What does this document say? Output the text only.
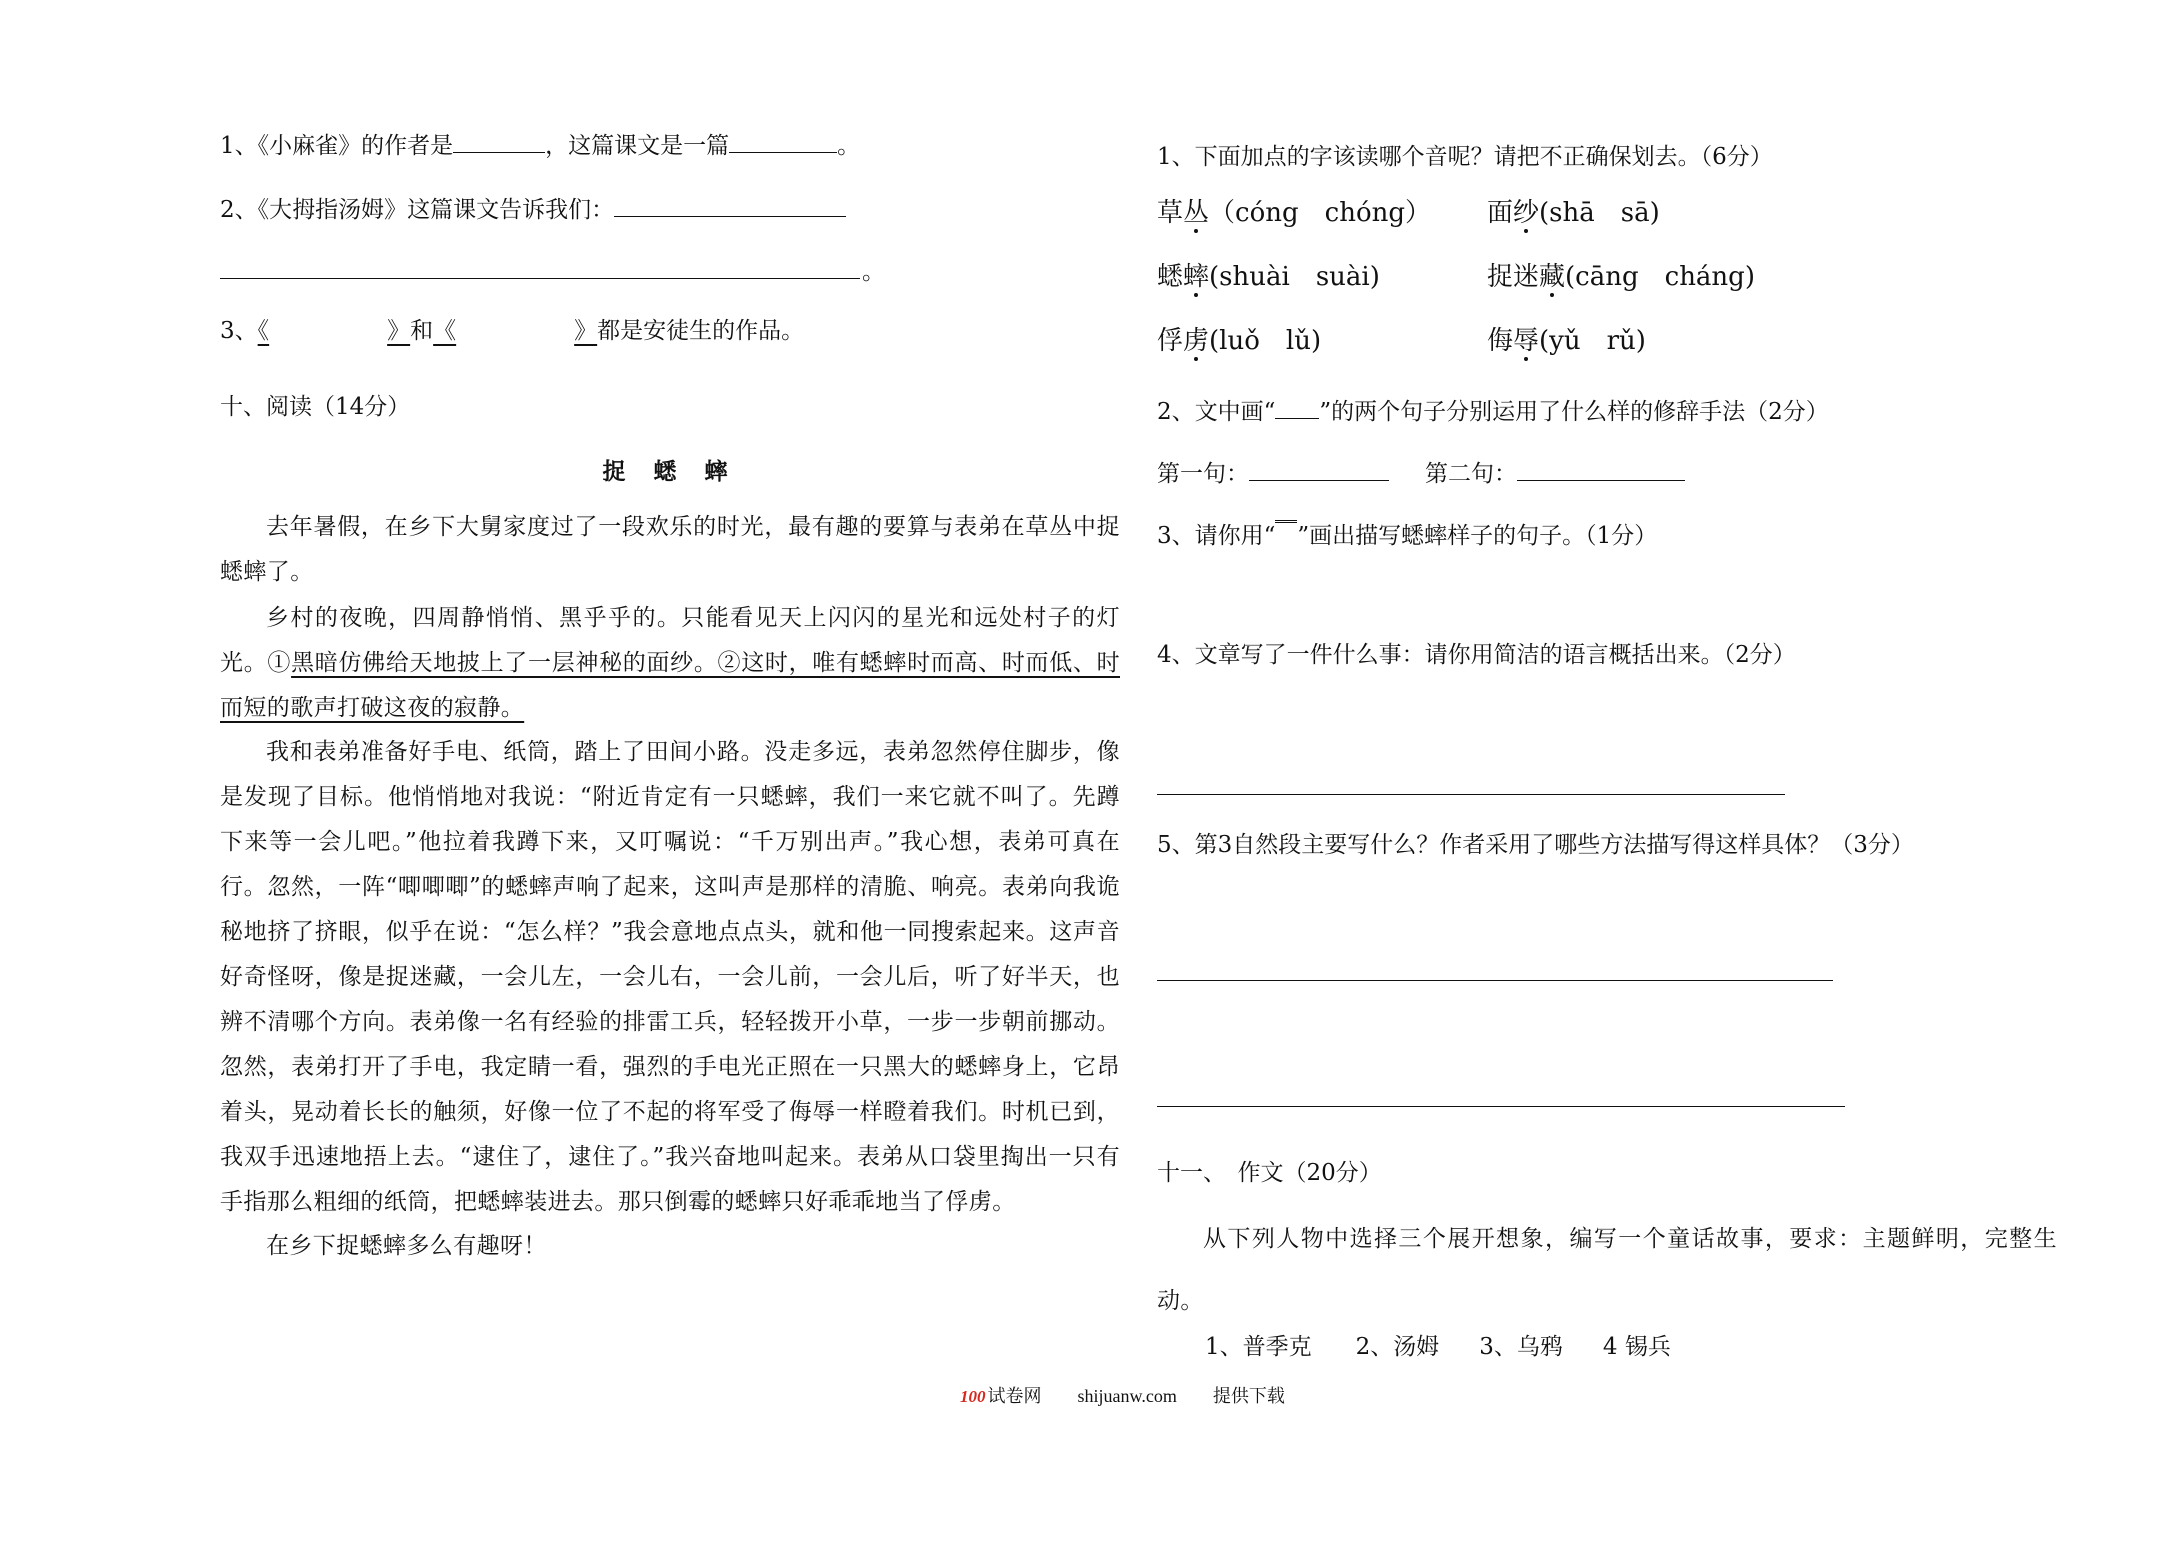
1、《小麻雀》的作者是	，这篇课文是一篇	。
2、《大拇指汤姆》这篇课文告诉我们：
。
3、《	》和《	》都是安徒生的作品。
十、阅读（14分）
捉 蟋 蟀
去年暑假，在乡下大舅家度过了一段欢乐的时光，最有趣的要算与表弟在草丛中捉蟋蟀了。
乡村的夜晚，四周静悄悄、黑乎乎的。只能看见天上闪闪的星光和远处村子的灯光。①黑暗仿佛给天地披上了一层神秘的面纱。②这时，唯有蟋蟀时而高、时而低、时而短的歌声打破这夜的寂静。
我和表弟准备好手电、纸筒，踏上了田间小路。没走多远，表弟忽然停住脚步，像是发现了目标。他悄悄地对我说：“附近肯定有一只蟋蟀，我们一来它就不叫了。先蹲下来等一会儿吧。”他拉着我蹲下来，又叮嘱说：“千万别出声。”我心想，表弟可真在行。忽然，一阵“唧唧唧”的蟋蟀声响了起来，这叫声是那样的清脆、响亮。表弟向我诡秘地挤了挤眼，似乎在说：“怎么样？”我会意地点点头，就和他一同搜索起来。这声音好奇怪呀，像是捉迷藏，一会儿左，一会儿右，一会儿前，一会儿后，听了好半天，也辨不清哪个方向。表弟像一名有经验的排雷工兵，轻轻拨开小草，一步一步朝前挪动。忽然，表弟打开了手电，我定睛一看，强烈的手电光正照在一只黑大的蟋蟀身上，它昂着头，晃动着长长的触须，好像一位了不起的将军受了侮辱一样瞪着我们。时机已到，我双手迅速地捂上去。“逮住了，逮住了。”我兴奋地叫起来。表弟从口袋里掏出一只有手指那么粗细的纸筒，把蟋蟀装进去。那只倒霉的蟋蟀只好乖乖地当了俘虏。
在乡下捉蟋蟀多么有趣呀！
1、下面加点的字该读哪个音呢？请把不正确保划去。（6分）
草丛（cóng　chóng） 面纱(shā　sā)
蟋蟀(shuài　suài)	捉迷藏(cāng　cháng)
俘虏(luǒ　lǔ)	侮辱(yǔ　rǔ)
2、文中画“ ”的两个句子分别运用了什么样的修辞手法（2分）
第一句：	第二句：
3、请你用“ ”画出描写蟋蟀样子的句子。（1分）
4、文章写了一件什么事：请你用简洁的语言概括出来。（2分）
5、第3自然段主要写什么？作者采用了哪些方法描写得这样具体？（3分）
十一、　作文（20分）
从下列人物中选择三个展开想象，编写一个童话故事，要求：主题鲜明，完整生动。
1、普季克 2、汤姆 3、乌鸦 4 锡兵
100 试卷网 shijuanw.com 提供下载
